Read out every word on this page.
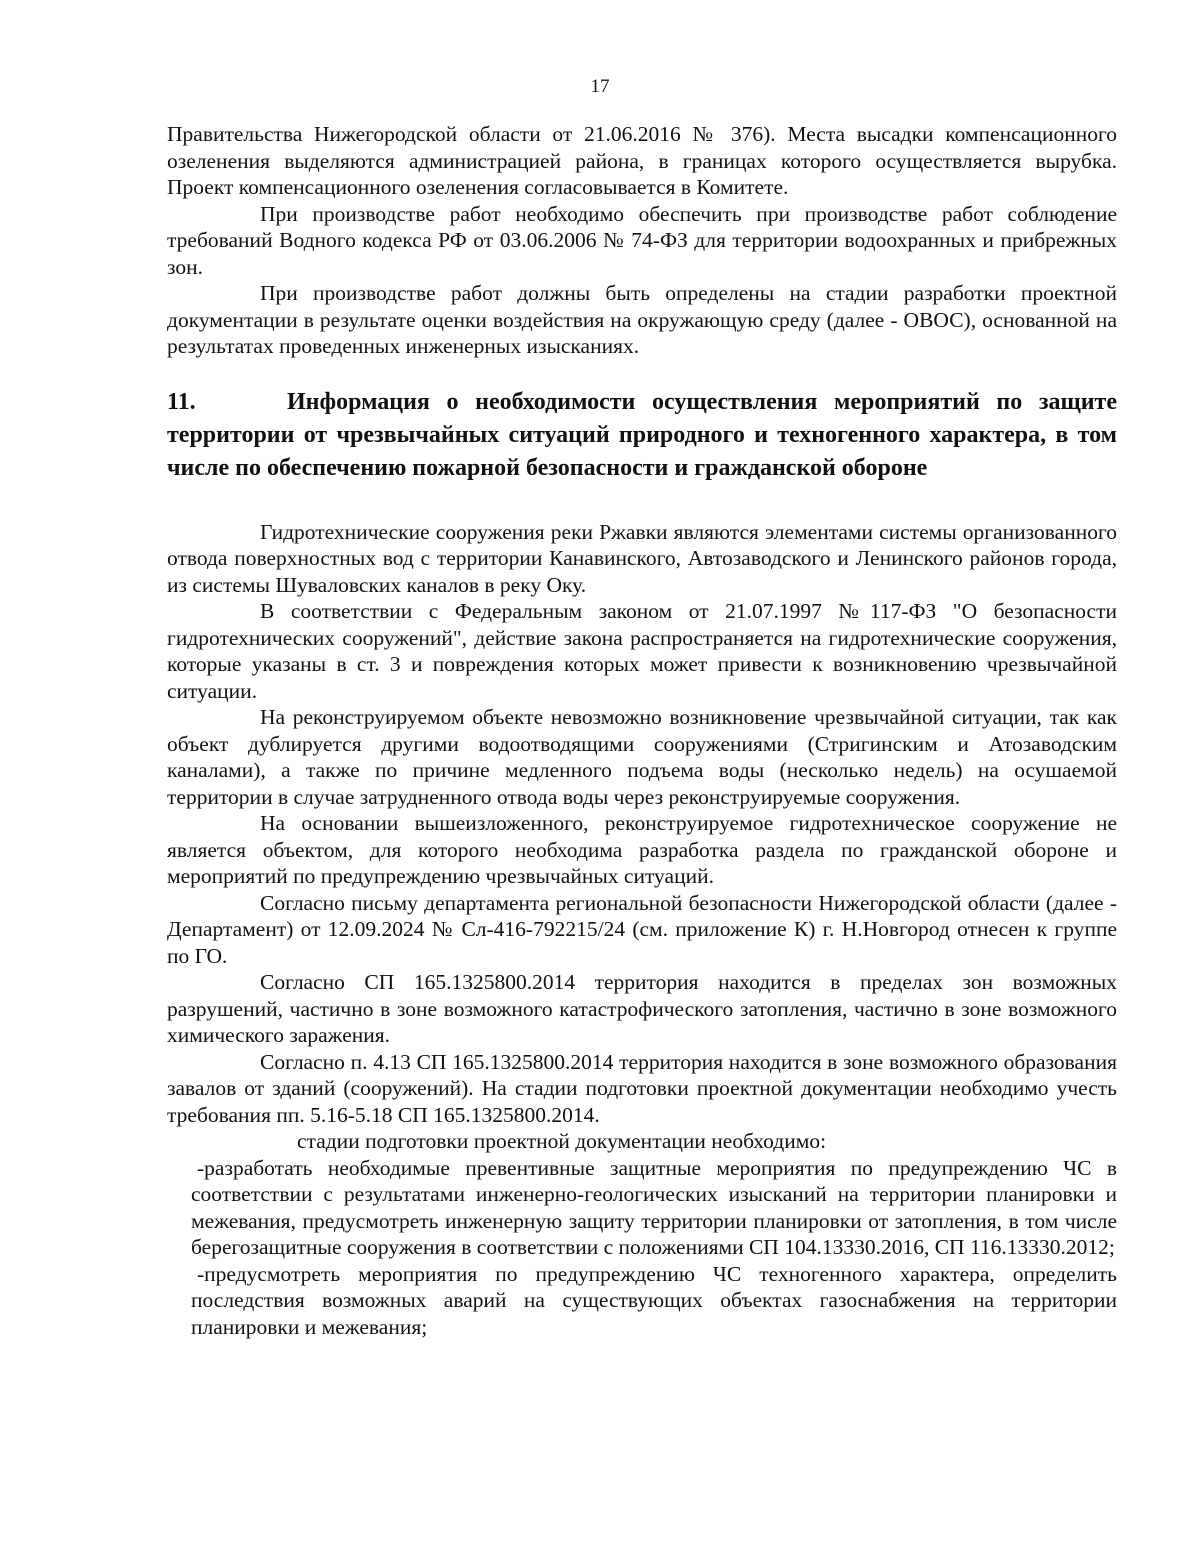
17

Правительства Нижегородской области от 21.06.2016 № 376). Места высадки компенсационного озеленения выделяются администрацией района, в границах которого осуществляется вырубка. Проект компенсационного озеленения согласовывается в Комитете.

При производстве работ необходимо обеспечить при производстве работ соблюдение требований Водного кодекса РФ от 03.06.2006 № 74-ФЗ для территории водоохранных и прибрежных зон.

При производстве работ должны быть определены на стадии разработки проектной документации в результате оценки воздействия на окружающую среду (далее - ОВОС), основанной на результатах проведенных инженерных изысканиях.

11.	Информация о необходимости осуществления мероприятий по защите территории от чрезвычайных ситуаций природного и техногенного характера, в том числе по обеспечению пожарной безопасности и гражданской обороне

Гидротехнические сооружения реки Ржавки являются элементами системы организованного отвода поверхностных вод с территории Канавинского, Автозаводского и Ленинского районов города, из системы Шуваловских каналов в реку Оку.

В соответствии с Федеральным законом от 21.07.1997 №117-ФЗ "О безопасности гидротехнических сооружений", действие закона распространяется на гидротехнические сооружения, которые указаны в ст. 3 и повреждения которых может привести к возникновению чрезвычайной ситуации.

На реконструируемом объекте невозможно возникновение чрезвычайной ситуации, так как объект дублируется другими водоотводящими сооружениями (Стригинским и Атозаводским каналами), а также по причине медленного подъема воды (несколько недель) на осушаемой территории в случае затрудненного отвода воды через реконструируемые сооружения.

На основании вышеизложенного, реконструируемое гидротехническое сооружение не является объектом, для которого необходима разработка раздела по гражданской обороне и мероприятий по предупреждению чрезвычайных ситуаций.

Согласно письму департамента региональной безопасности Нижегородской области (далее - Департамент) от 12.09.2024 № Сл-416-792215/24 (см. приложение К) г. Н.Новгород отнесен к группе по ГО.

Согласно СП 165.1325800.2014 территория находится в пределах зон возможных разрушений, частично в зоне возможного катастрофического затопления, частично в зоне возможного химического заражения.

Согласно п. 4.13 СП 165.1325800.2014 территория находится в зоне возможного образования завалов от зданий (сооружений). На стадии подготовки проектной документации необходимо учесть требования пп. 5.16-5.18 СП 165.1325800.2014.

стадии подготовки проектной документации необходимо:

-разработать необходимые превентивные защитные мероприятия по предупреждению ЧС в соответствии с результатами инженерно-геологических изысканий на территории планировки и межевания, предусмотреть инженерную защиту территории планировки от затопления, в том числе берегозащитные сооружения в соответствии с положениями СП 104.13330.2016, СП 116.13330.2012;

-предусмотреть мероприятия по предупреждению ЧС техногенного характера, определить последствия возможных аварий на существующих объектах газоснабжения на территории планировки и межевания;
